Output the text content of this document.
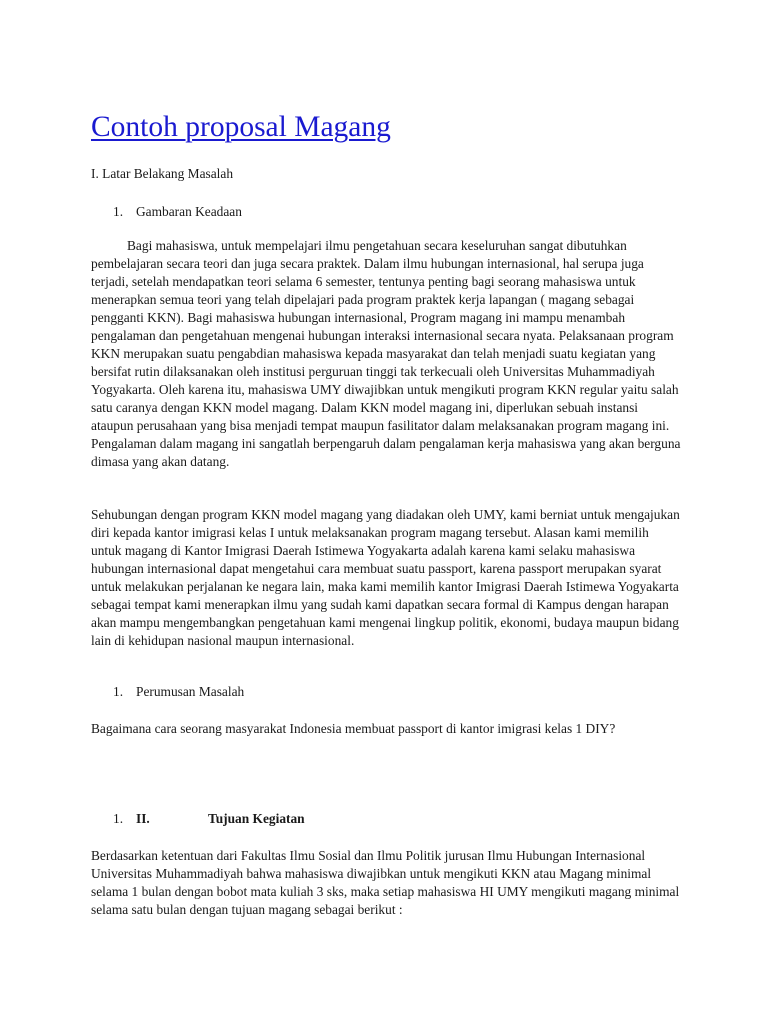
Contoh proposal Magang
I. Latar Belakang Masalah
1. Gambaran Keadaan

Bagi mahasiswa, untuk mempelajari ilmu pengetahuan secara keseluruhan sangat dibutuhkan pembelajaran secara teori dan juga secara praktek. Dalam ilmu hubungan internasional, hal serupa juga terjadi, setelah mendapatkan teori selama 6 semester, tentunya penting bagi seorang mahasiswa untuk menerapkan semua teori yang telah dipelajari pada program praktek kerja lapangan ( magang sebagai pengganti KKN). Bagi mahasiswa hubungan internasional, Program magang ini mampu menambah pengalaman dan pengetahuan mengenai hubungan interaksi internasional secara nyata. Pelaksanaan program KKN merupakan suatu pengabdian mahasiswa kepada masyarakat dan telah menjadi suatu kegiatan yang bersifat rutin dilaksanakan oleh institusi perguruan tinggi tak terkecuali oleh Universitas Muhammadiyah Yogyakarta. Oleh karena itu, mahasiswa UMY diwajibkan untuk mengikuti program KKN regular yaitu salah satu caranya dengan KKN model magang. Dalam KKN model magang ini, diperlukan sebuah instansi ataupun perusahaan yang bisa menjadi tempat maupun fasilitator dalam melaksanakan program magang ini. Pengalaman dalam magang ini sangatlah berpengaruh dalam pengalaman kerja mahasiswa yang akan berguna dimasa yang akan datang.

Sehubungan dengan program KKN model magang yang diadakan oleh UMY, kami berniat untuk mengajukan diri kepada kantor imigrasi kelas I untuk melaksanakan program magang tersebut. Alasan kami memilih untuk magang di Kantor Imigrasi Daerah Istimewa Yogyakarta adalah karena kami selaku mahasiswa hubungan internasional dapat mengetahui cara membuat suatu passport, karena passport merupakan syarat untuk melakukan perjalanan ke negara lain, maka kami memilih kantor Imigrasi Daerah Istimewa Yogyakarta sebagai tempat kami menerapkan ilmu yang sudah kami dapatkan secara formal di Kampus dengan harapan akan mampu mengembangkan pengetahuan kami mengenai lingkup politik, ekonomi, budaya maupun bidang lain di kehidupan nasional maupun internasional.

1. Perumusan Masalah

Bagaimana cara seorang masyarakat Indonesia membuat passport di kantor imigrasi kelas 1 DIY?

1. II.	Tujuan Kegiatan

Berdasarkan ketentuan dari Fakultas Ilmu Sosial dan Ilmu Politik jurusan Ilmu Hubungan Internasional Universitas Muhammadiyah bahwa mahasiswa diwajibkan untuk mengikuti KKN atau Magang minimal selama 1 bulan dengan bobot mata kuliah 3 sks, maka setiap mahasiswa HI UMY mengikuti magang minimal selama satu bulan dengan tujuan magang sebagai berikut :
